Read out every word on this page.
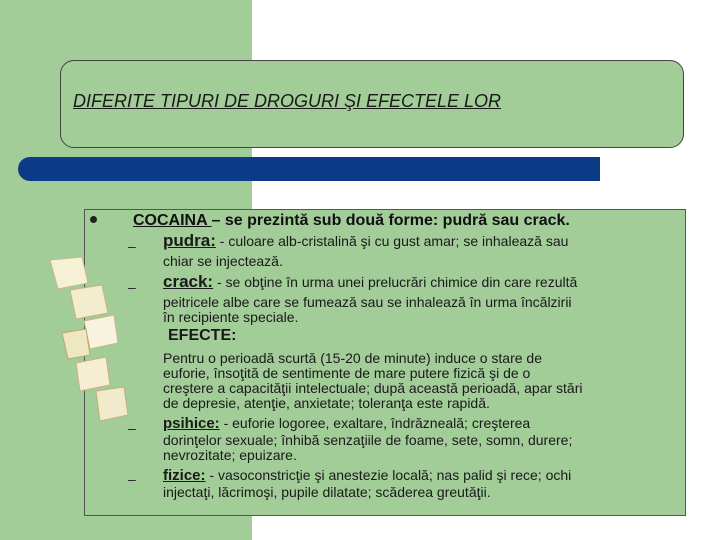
DIFERITE TIPURI DE DROGURI ŞI EFECTELE LOR
COCAINA – se prezintă sub două forme: pudră sau crack.
– pudra: - culoare alb-cristalină şi cu gust amar; se inhalează sau
chiar se injectează.
– crack: - se obţine în urma unei prelucrări chimice din care rezultă
peitricele albe care se fumează sau se inhalează în urma încălzirii
în recipiente speciale.
EFECTE:
Pentru o perioadă scurtă (15-20 de minute) induce o stare de
euforie, însoţită de sentimente de mare putere fizică şi de o
creştere a capacităţii intelectuale; după această perioadă, apar stări
de depresie, atenţie, anxietate; toleranţa este rapidă.
– psihice: - euforie logoree, exaltare, îndrăzneală; creşterea
dorinţelor sexuale; înhibă senzaţiile de foame, sete, somn, durere;
nevrozitate; epuizare.
– fizice: - vasoconstricţie şi anestezie locală; nas palid şi rece; ochi
injectaţi, lăcrimoşi, pupile dilatate; scăderea greutăţii.
